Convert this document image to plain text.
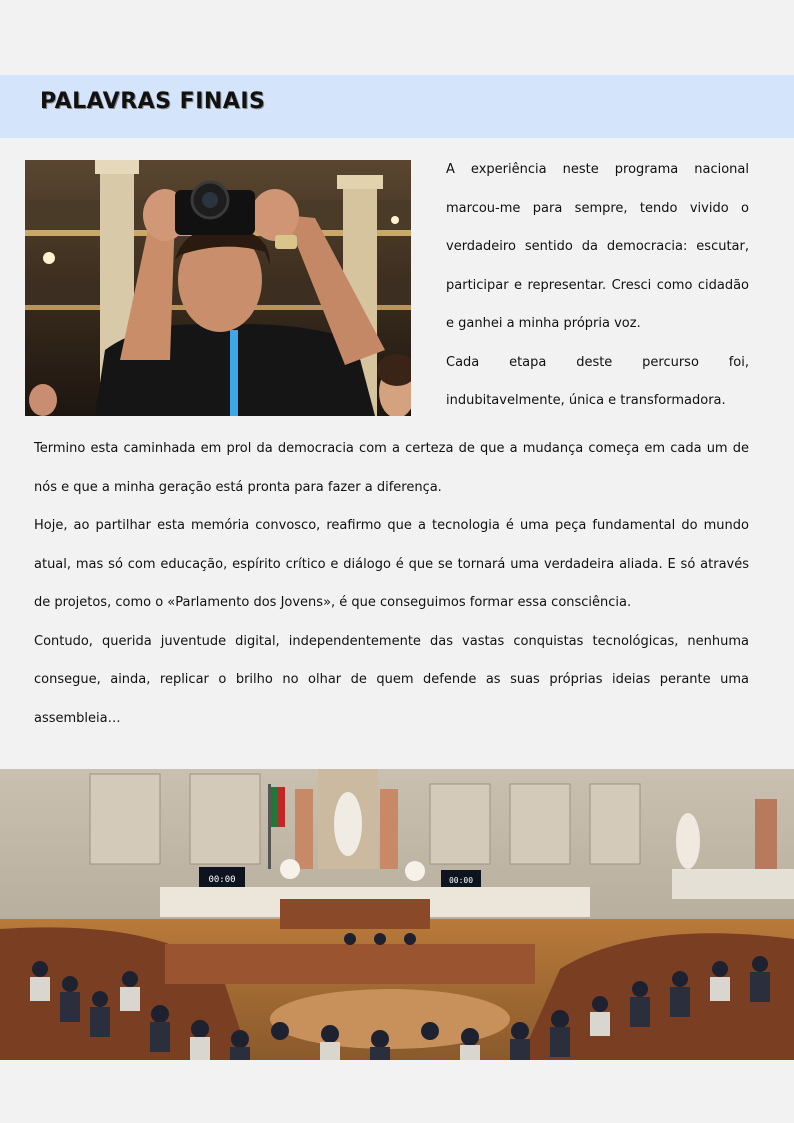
PALAVRAS FINAIS

A experiência neste programa nacional marcou-me para sempre, tendo vivido o verdadeiro sentido da democracia: escutar, participar e representar. Cresci como cidadão e ganhei a minha própria voz.

Cada etapa deste percurso foi, indubitavelmente, única e transformadora.

Termino esta caminhada em prol da democracia com a certeza de que a mudança começa em cada um de nós e que a minha geração está pronta para fazer a diferença.

Hoje, ao partilhar esta memória convosco, reafirmo que a tecnologia é uma peça fundamental do mundo atual, mas só com educação, espírito crítico e diálogo é que se tornará uma verdadeira aliada. E só através de projetos, como o «Parlamento dos Jovens», é que conseguimos formar essa consciência.

Contudo, querida juventude digital, independentemente das vastas conquistas tecnológicas, nenhuma consegue, ainda, replicar o brilho no olhar de quem defende as suas próprias ideias perante uma assembleia…

00:00	00:00
